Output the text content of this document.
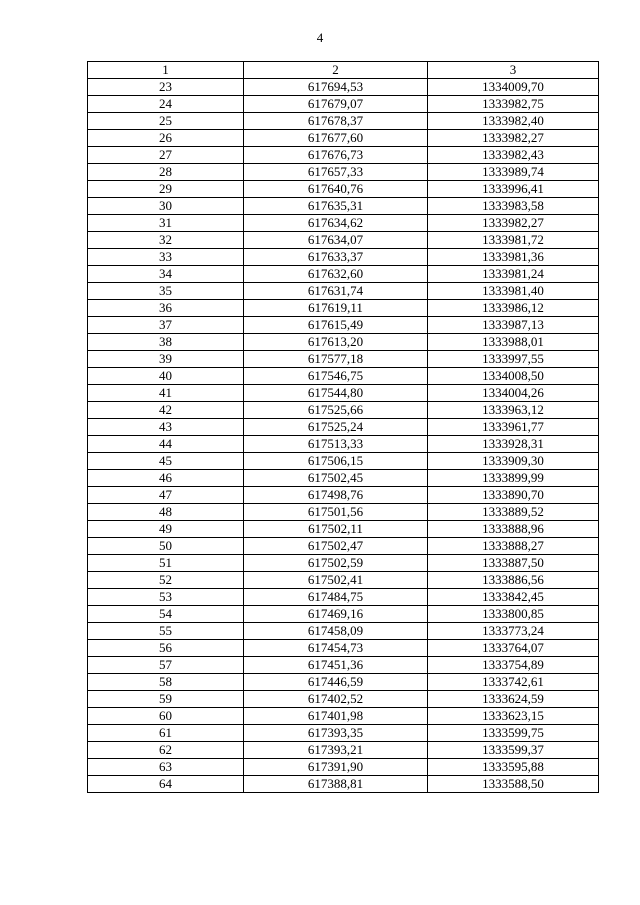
4
1	2	3
23	617694,53	1334009,70
24	617679,07	1333982,75
25	617678,37	1333982,40
26	617677,60	1333982,27
27	617676,73	1333982,43
28	617657,33	1333989,74
29	617640,76	1333996,41
30	617635,31	1333983,58
31	617634,62	1333982,27
32	617634,07	1333981,72
33	617633,37	1333981,36
34	617632,60	1333981,24
35	617631,74	1333981,40
36	617619,11	1333986,12
37	617615,49	1333987,13
38	617613,20	1333988,01
39	617577,18	1333997,55
40	617546,75	1334008,50
41	617544,80	1334004,26
42	617525,66	1333963,12
43	617525,24	1333961,77
44	617513,33	1333928,31
45	617506,15	1333909,30
46	617502,45	1333899,99
47	617498,76	1333890,70
48	617501,56	1333889,52
49	617502,11	1333888,96
50	617502,47	1333888,27
51	617502,59	1333887,50
52	617502,41	1333886,56
53	617484,75	1333842,45
54	617469,16	1333800,85
55	617458,09	1333773,24
56	617454,73	1333764,07
57	617451,36	1333754,89
58	617446,59	1333742,61
59	617402,52	1333624,59
60	617401,98	1333623,15
61	617393,35	1333599,75
62	617393,21	1333599,37
63	617391,90	1333595,88
64	617388,81	1333588,50
